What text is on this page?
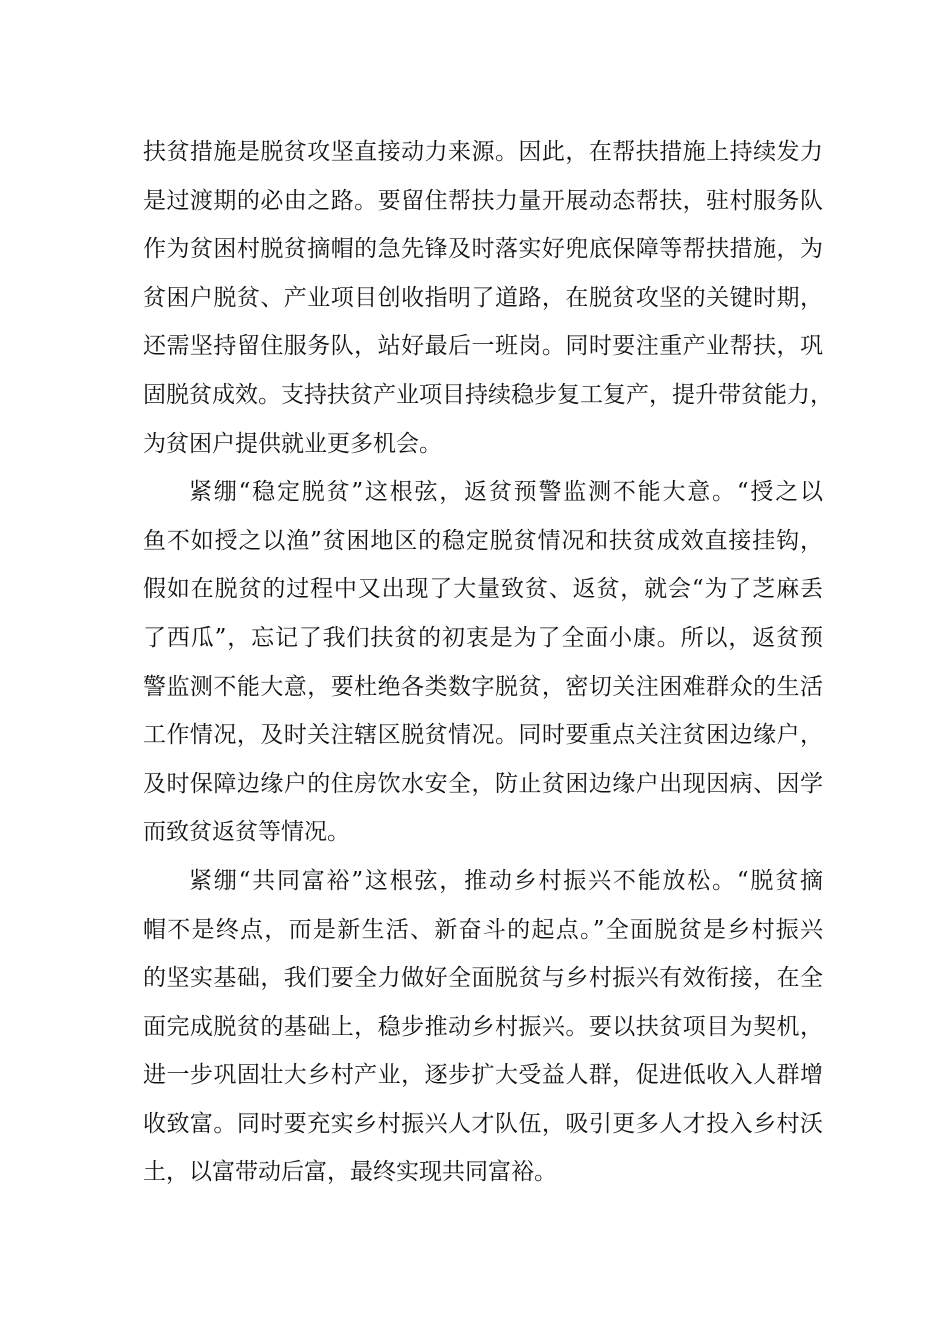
扶贫措施是脱贫攻坚直接动力来源。因此，在帮扶措施上持续发力
是过渡期的必由之路。要留住帮扶力量开展动态帮扶，驻村服务队
作为贫困村脱贫摘帽的急先锋及时落实好兜底保障等帮扶措施，为
贫困户脱贫、产业项目创收指明了道路，在脱贫攻坚的关键时期，
还需坚持留住服务队，站好最后一班岗。同时要注重产业帮扶，巩
固脱贫成效。支持扶贫产业项目持续稳步复工复产，提升带贫能力，
为贫困户提供就业更多机会。
紧绷“稳定脱贫”这根弦，返贫预警监测不能大意。“授之以
鱼不如授之以渔”贫困地区的稳定脱贫情况和扶贫成效直接挂钩，
假如在脱贫的过程中又出现了大量致贫、返贫，就会“为了芝麻丢
了西瓜”，忘记了我们扶贫的初衷是为了全面小康。所以，返贫预
警监测不能大意，要杜绝各类数字脱贫，密切关注困难群众的生活
工作情况，及时关注辖区脱贫情况。同时要重点关注贫困边缘户，
及时保障边缘户的住房饮水安全，防止贫困边缘户出现因病、因学
而致贫返贫等情况。
紧绷“共同富裕”这根弦，推动乡村振兴不能放松。“脱贫摘
帽不是终点，而是新生活、新奋斗的起点。”全面脱贫是乡村振兴
的坚实基础，我们要全力做好全面脱贫与乡村振兴有效衔接，在全
面完成脱贫的基础上，稳步推动乡村振兴。要以扶贫项目为契机，
进一步巩固壮大乡村产业，逐步扩大受益人群，促进低收入人群增
收致富。同时要充实乡村振兴人才队伍，吸引更多人才投入乡村沃
土，以富带动后富，最终实现共同富裕。
